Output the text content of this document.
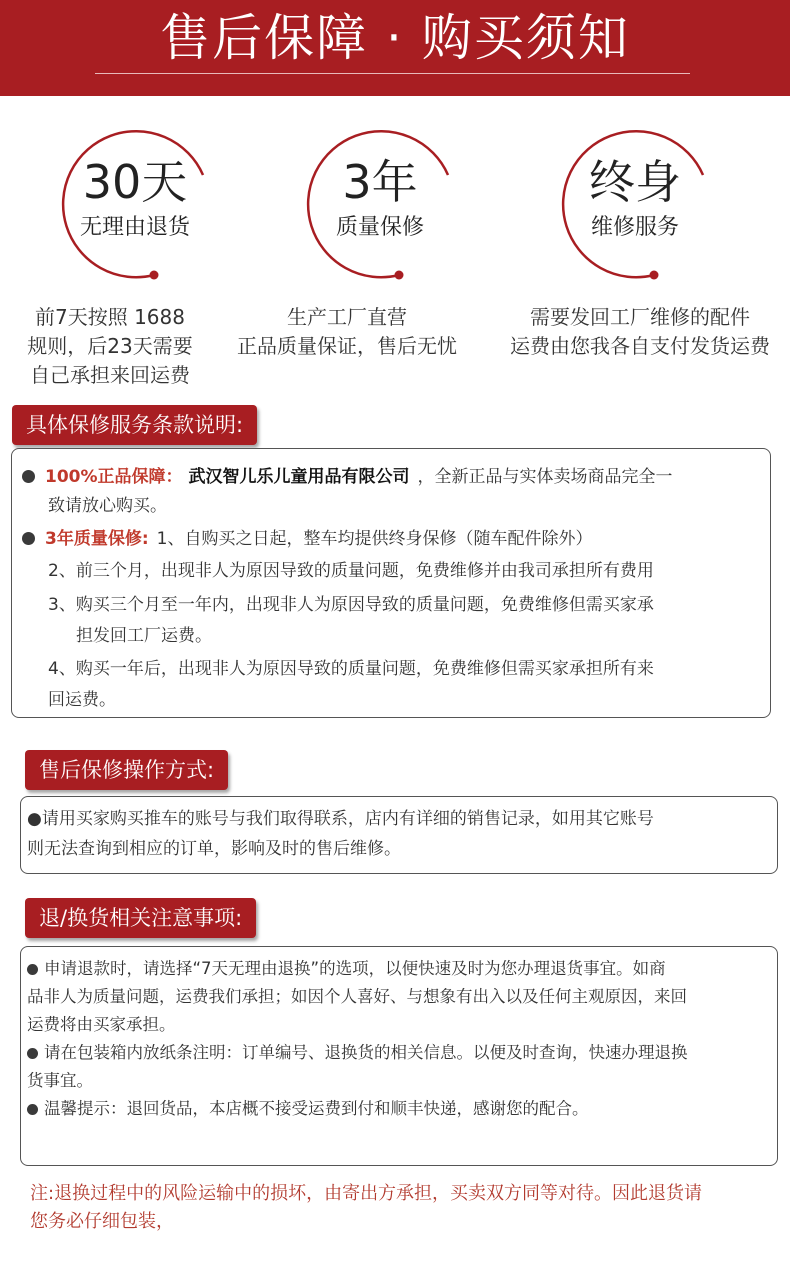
售后保障 · 购买须知
30天
无理由退货
3年
质量保修
终身
维修服务
前7天按照 1688
规则，后23天需要
自己承担来回运费
生产工厂直营
正品质量保证，售后无忧
需要发回工厂维修的配件
运费由您我各自支付发货运费
具体保修服务条款说明:
100%正品保障： 武汉智儿乐儿童用品有限公司 ，全新正品与实体卖场商品完全一
致请放心购买。
3年质量保修: 1、自购买之日起，整车均提供终身保修（随车配件除外）
2、前三个月，出现非人为原因导致的质量问题，免费维修并由我司承担所有费用
3、购买三个月至一年内，出现非人为原因导致的质量问题，免费维修但需买家承
担发回工厂运费。
4、购买一年后，出现非人为原因导致的质量问题，免费维修但需买家承担所有来
回运费。
售后保修操作方式:
●请用买家购买推车的账号与我们取得联系，店内有详细的销售记录，如用其它账号
则无法查询到相应的订单，影响及时的售后维修。
退/换货相关注意事项:
申请退款时，请选择“7天无理由退换”的选项，以便快速及时为您办理退货事宜。如商
品非人为质量问题，运费我们承担；如因个人喜好、与想象有出入以及任何主观原因，来回
运费将由买家承担。
请在包装箱内放纸条注明：订单编号、退换货的相关信息。以便及时查询，快速办理退换
货事宜。
温馨提示：退回货品，本店概不接受运费到付和顺丰快递，感谢您的配合。
注:退换过程中的风险运输中的损坏，由寄出方承担，买卖双方同等对待。因此退货请
您务必仔细包装，
